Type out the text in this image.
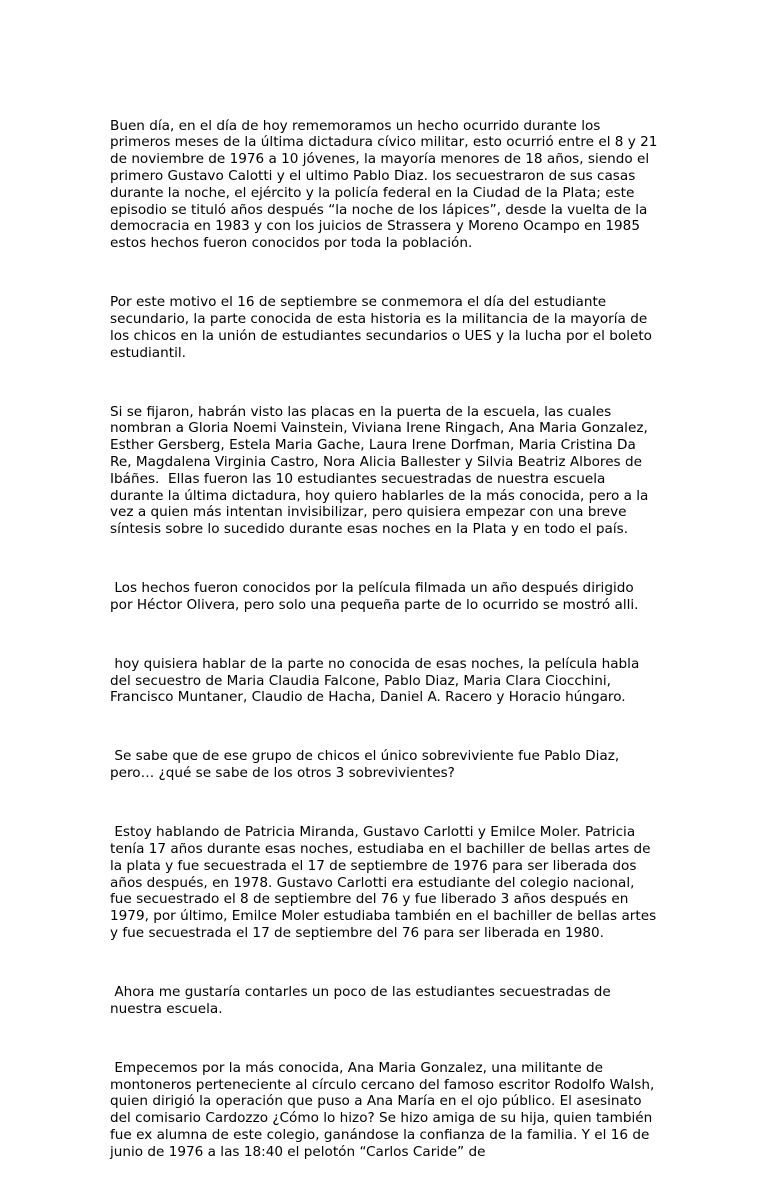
Buen día, en el día de hoy rememoramos un hecho ocurrido durante los primeros meses de la última dictadura cívico militar, esto ocurrió entre el 8 y 21 de noviembre de 1976 a 10 jóvenes, la mayoría menores de 18 años, siendo el primero Gustavo Calotti y el ultimo Pablo Diaz. los secuestraron de sus casas durante la noche, el ejército y la policía federal en la Ciudad de la Plata; este episodio se tituló años después “la noche de los lápices”, desde la vuelta de la democracia en 1983 y con los juicios de Strassera y Moreno Ocampo en 1985 estos hechos fueron conocidos por toda la población.

Por este motivo el 16 de septiembre se conmemora el día del estudiante secundario, la parte conocida de esta historia es la militancia de la mayoría de los chicos en la unión de estudiantes secundarios o UES y la lucha por el boleto estudiantil.

Si se fijaron, habrán visto las placas en la puerta de la escuela, las cuales nombran a Gloria Noemi Vainstein, Viviana Irene Ringach, Ana Maria Gonzalez, Esther Gersberg, Estela Maria Gache, Laura Irene Dorfman, Maria Cristina Da Re, Magdalena Virginia Castro, Nora Alicia Ballester y Silvia Beatriz Albores de Ibáñes.  Ellas fueron las 10 estudiantes secuestradas de nuestra escuela durante la última dictadura, hoy quiero hablarles de la más conocida, pero a la vez a quien más intentan invisibilizar, pero quisiera empezar con una breve síntesis sobre lo sucedido durante esas noches en la Plata y en todo el país.

Los hechos fueron conocidos por la película filmada un año después dirigido por Héctor Olivera, pero solo una pequeña parte de lo ocurrido se mostró alli.

hoy quisiera hablar de la parte no conocida de esas noches, la película habla del secuestro de Maria Claudia Falcone, Pablo Diaz, Maria Clara Ciocchini, Francisco Muntaner, Claudio de Hacha, Daniel A. Racero y Horacio húngaro.

Se sabe que de ese grupo de chicos el único sobreviviente fue Pablo Diaz, pero… ¿qué se sabe de los otros 3 sobrevivientes?

Estoy hablando de Patricia Miranda, Gustavo Carlotti y Emilce Moler. Patricia tenía 17 años durante esas noches, estudiaba en el bachiller de bellas artes de la plata y fue secuestrada el 17 de septiembre de 1976 para ser liberada dos años después, en 1978. Gustavo Carlotti era estudiante del colegio nacional, fue secuestrado el 8 de septiembre del 76 y fue liberado 3 años después en 1979, por último, Emilce Moler estudiaba también en el bachiller de bellas artes y fue secuestrada el 17 de septiembre del 76 para ser liberada en 1980.

Ahora me gustaría contarles un poco de las estudiantes secuestradas de nuestra escuela.

Empecemos por la más conocida, Ana Maria Gonzalez, una militante de montoneros perteneciente al círculo cercano del famoso escritor Rodolfo Walsh, quien dirigió la operación que puso a Ana María en el ojo público. El asesinato del comisario Cardozzo ¿Cómo lo hizo? Se hizo amiga de su hija, quien también fue ex alumna de este colegio, ganándose la confianza de la familia. Y el 16 de junio de 1976 a las 18:40 el pelotón “Carlos Caride” de
